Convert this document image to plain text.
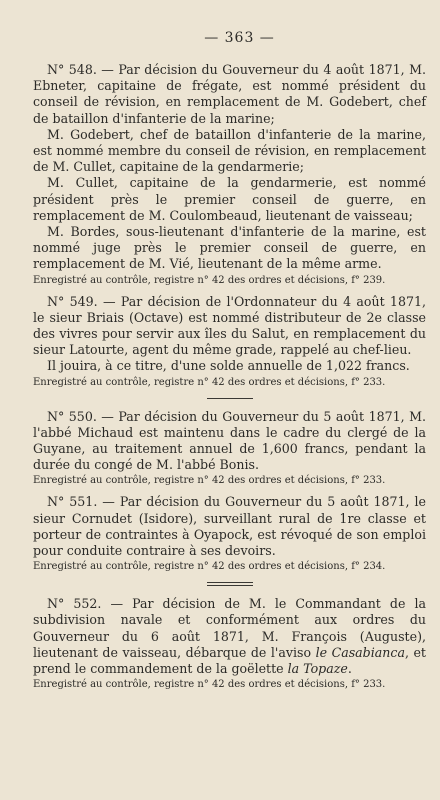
— 363 —

N° 548. — Par décision du Gouverneur du 4 août 1871, M. Ebneter, capitaine de frégate, est nommé président du conseil de révision, en remplacement de M. Godebert, chef de bataillon d'infanterie de la marine;

M. Godebert, chef de bataillon d'infanterie de la marine, est nommé membre du conseil de révision, en remplacement de M. Cullet, capitaine de la gendarmerie;

M. Cullet, capitaine de la gendarmerie, est nommé président près le premier conseil de guerre, en remplacement de M. Coulombeaud, lieutenant de vaisseau;

M. Bordes, sous-lieutenant d'infanterie de la marine, est nommé juge près le premier conseil de guerre, en remplacement de M. Vié, lieutenant de la même arme.

Enregistré au contrôle, registre n° 42 des ordres et décisions, f° 239.

N° 549. — Par décision de l'Ordonnateur du 4 août 1871, le sieur Briais (Octave) est nommé distributeur de 2e classe des vivres pour servir aux îles du Salut, en remplacement du sieur Latourte, agent du même grade, rappelé au chef-lieu.

Il jouira, à ce titre, d'une solde annuelle de 1,022 francs.

Enregistré au contrôle, registre n° 42 des ordres et décisions, f° 233.

N° 550. — Par décision du Gouverneur du 5 août 1871, M. l'abbé Michaud est maintenu dans le cadre du clergé de la Guyane, au traitement annuel de 1,600 francs, pendant la durée du congé de M. l'abbé Bonis.

Enregistré au contrôle, registre n° 42 des ordres et décisions, f° 233.

N° 551. — Par décision du Gouverneur du 5 août 1871, le sieur Cornudet (Isidore), surveillant rural de 1re classe et porteur de contraintes à Oyapock, est révoqué de son emploi pour conduite contraire à ses devoirs.

Enregistré au contrôle, registre n° 42 des ordres et décisions, f° 234.

N° 552. — Par décision de M. le Commandant de la subdivision navale et conformément aux ordres du Gouverneur du 6 août 1871, M. François (Auguste), lieutenant de vaisseau, débarque de l'aviso le Casabianca, et prend le commandement de la goëlette la Topaze.

Enregistré au contrôle, registre n° 42 des ordres et décisions, f° 233.
